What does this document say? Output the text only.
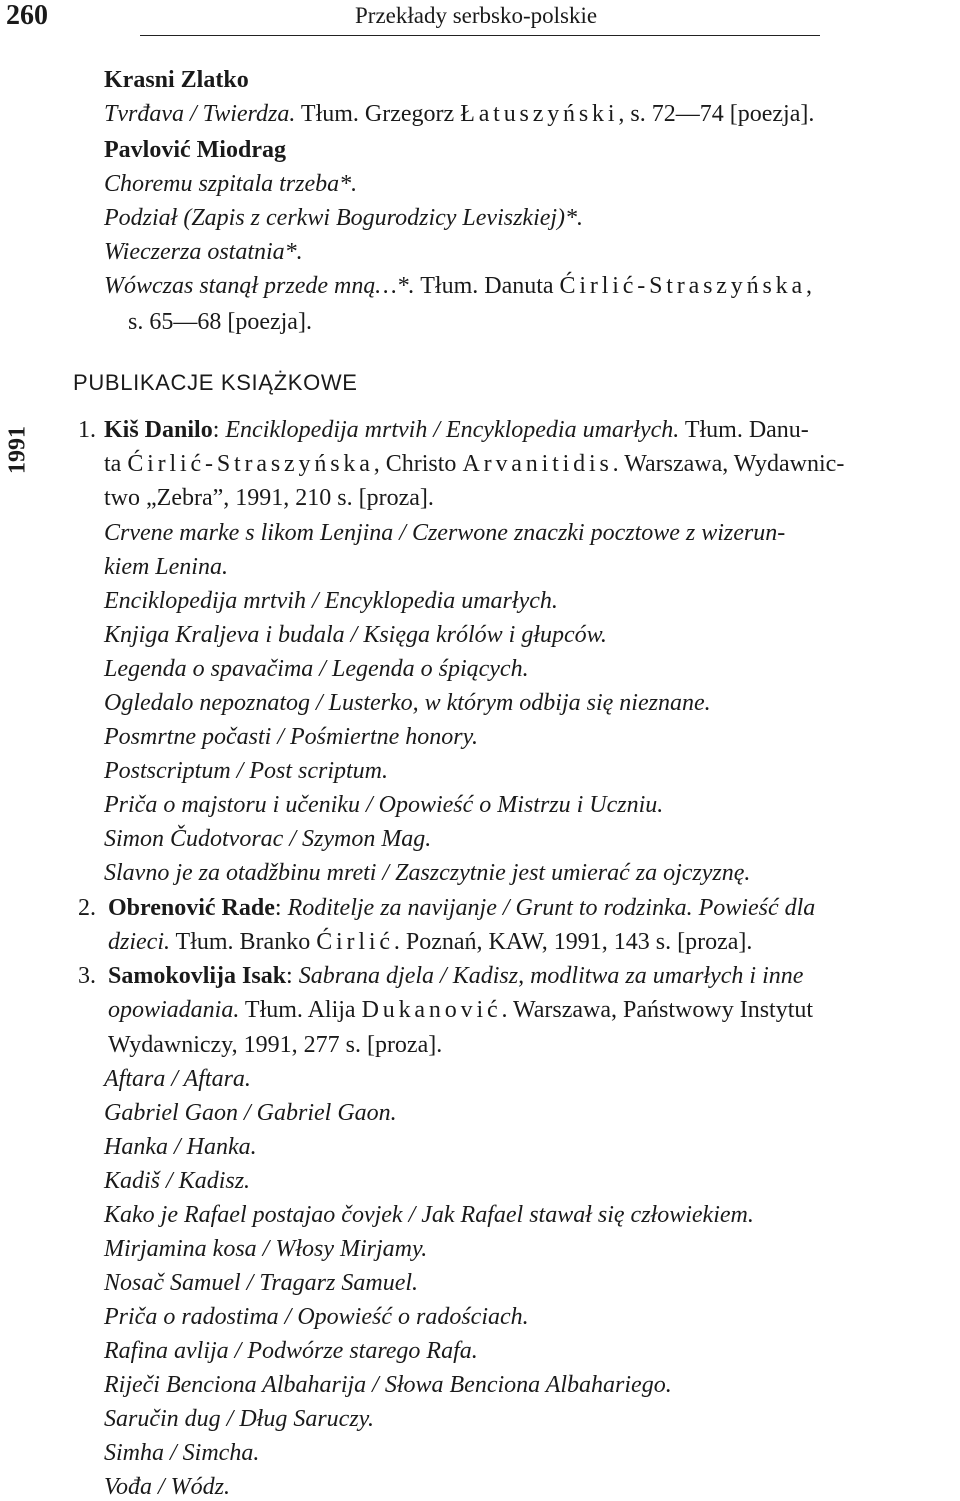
260	Przekłady serbsko-polskie
1991
Krasni Zlatko
Tvrđava / Twierdza. Tłum. Grzegorz Łatuszyński, s. 72—74 [poezja].
Pavlović Miodrag
Choremu szpitala trzeba*.
Podział (Zapis z cerkwi Bogurodzicy Leviszkiej)*.
Wieczerza ostatnia*.
Wówczas stanął przede mną…*. Tłum. Danuta Ćirlić-Straszyńska,
s. 65—68 [poezja].
PUBLIKACJE KSIĄŻKOWE
1. Kiš Danilo: Enciklopedija mrtvih / Encyklopedia umarłych. Tłum. Danu-
ta Ćirlić-Straszyńska, Christo Arvanitidis. Warszawa, Wydawnic-
two „Zebra”, 1991, 210 s. [proza].
Crvene marke s likom Lenjina / Czerwone znaczki pocztowe z wizerun-
kiem Lenina.
Enciklopedija mrtvih / Encyklopedia umarłych.
Knjiga Kraljeva i budala / Księga królów i głupców.
Legenda o spavačima / Legenda o śpiących.
Ogledalo nepoznatog / Lusterko, w którym odbija się nieznane.
Posmrtne počasti / Pośmiertne honory.
Postscriptum / Post scriptum.
Priča o majstoru i učeniku / Opowieść o Mistrzu i Uczniu.
Simon Čudotvorac / Szymon Mag.
Slavno je za otadžbinu mreti / Zaszczytnie jest umierać za ojczyznę.
2. Obrenović Rade: Roditelje za navijanje / Grunt to rodzinka. Powieść dla
dzieci. Tłum. Branko Ćirlić. Poznań, KAW, 1991, 143 s. [proza].
3. Samokovlija Isak: Sabrana djela / Kadisz, modlitwa za umarłych i inne
opowiadania. Tłum. Alija Dukanović. Warszawa, Państwowy Instytut
Wydawniczy, 1991, 277 s. [proza].
Aftara / Aftara.
Gabriel Gaon / Gabriel Gaon.
Hanka / Hanka.
Kadiš / Kadisz.
Kako je Rafael postajao čovjek / Jak Rafael stawał się człowiekiem.
Mirjamina kosa / Włosy Mirjamy.
Nosač Samuel / Tragarz Samuel.
Priča o radostima / Opowieść o radościach.
Rafina avlija / Podwórze starego Rafa.
Riječi Benciona Albaharija / Słowa Benciona Albahariego.
Saručin dug / Dług Saruczy.
Simha / Simcha.
Vođa / Wódz.
